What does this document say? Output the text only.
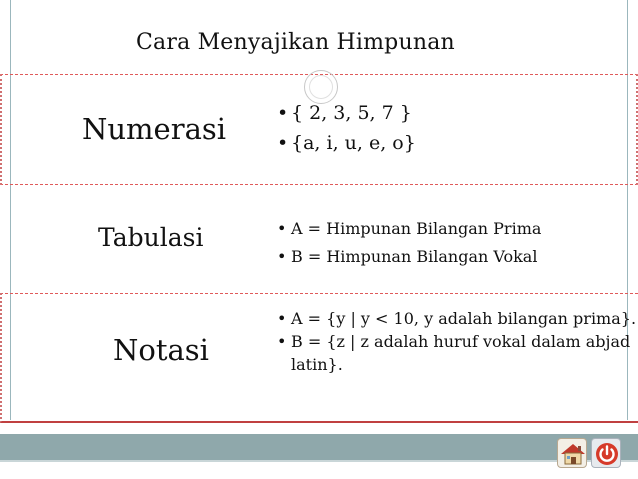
Cara Menyajikan Himpunan
Numerasi	• { 2, 3, 5, 7 }
• {a, i, u, e, o}
Tabulasi	• A = Himpunan Bilangan Prima
• B = Himpunan Bilangan Vokal
Notasi
• A = {y | y < 10, y adalah bilangan prima}.
• B = {z | z adalah huruf vokal dalam abjad latin}.
